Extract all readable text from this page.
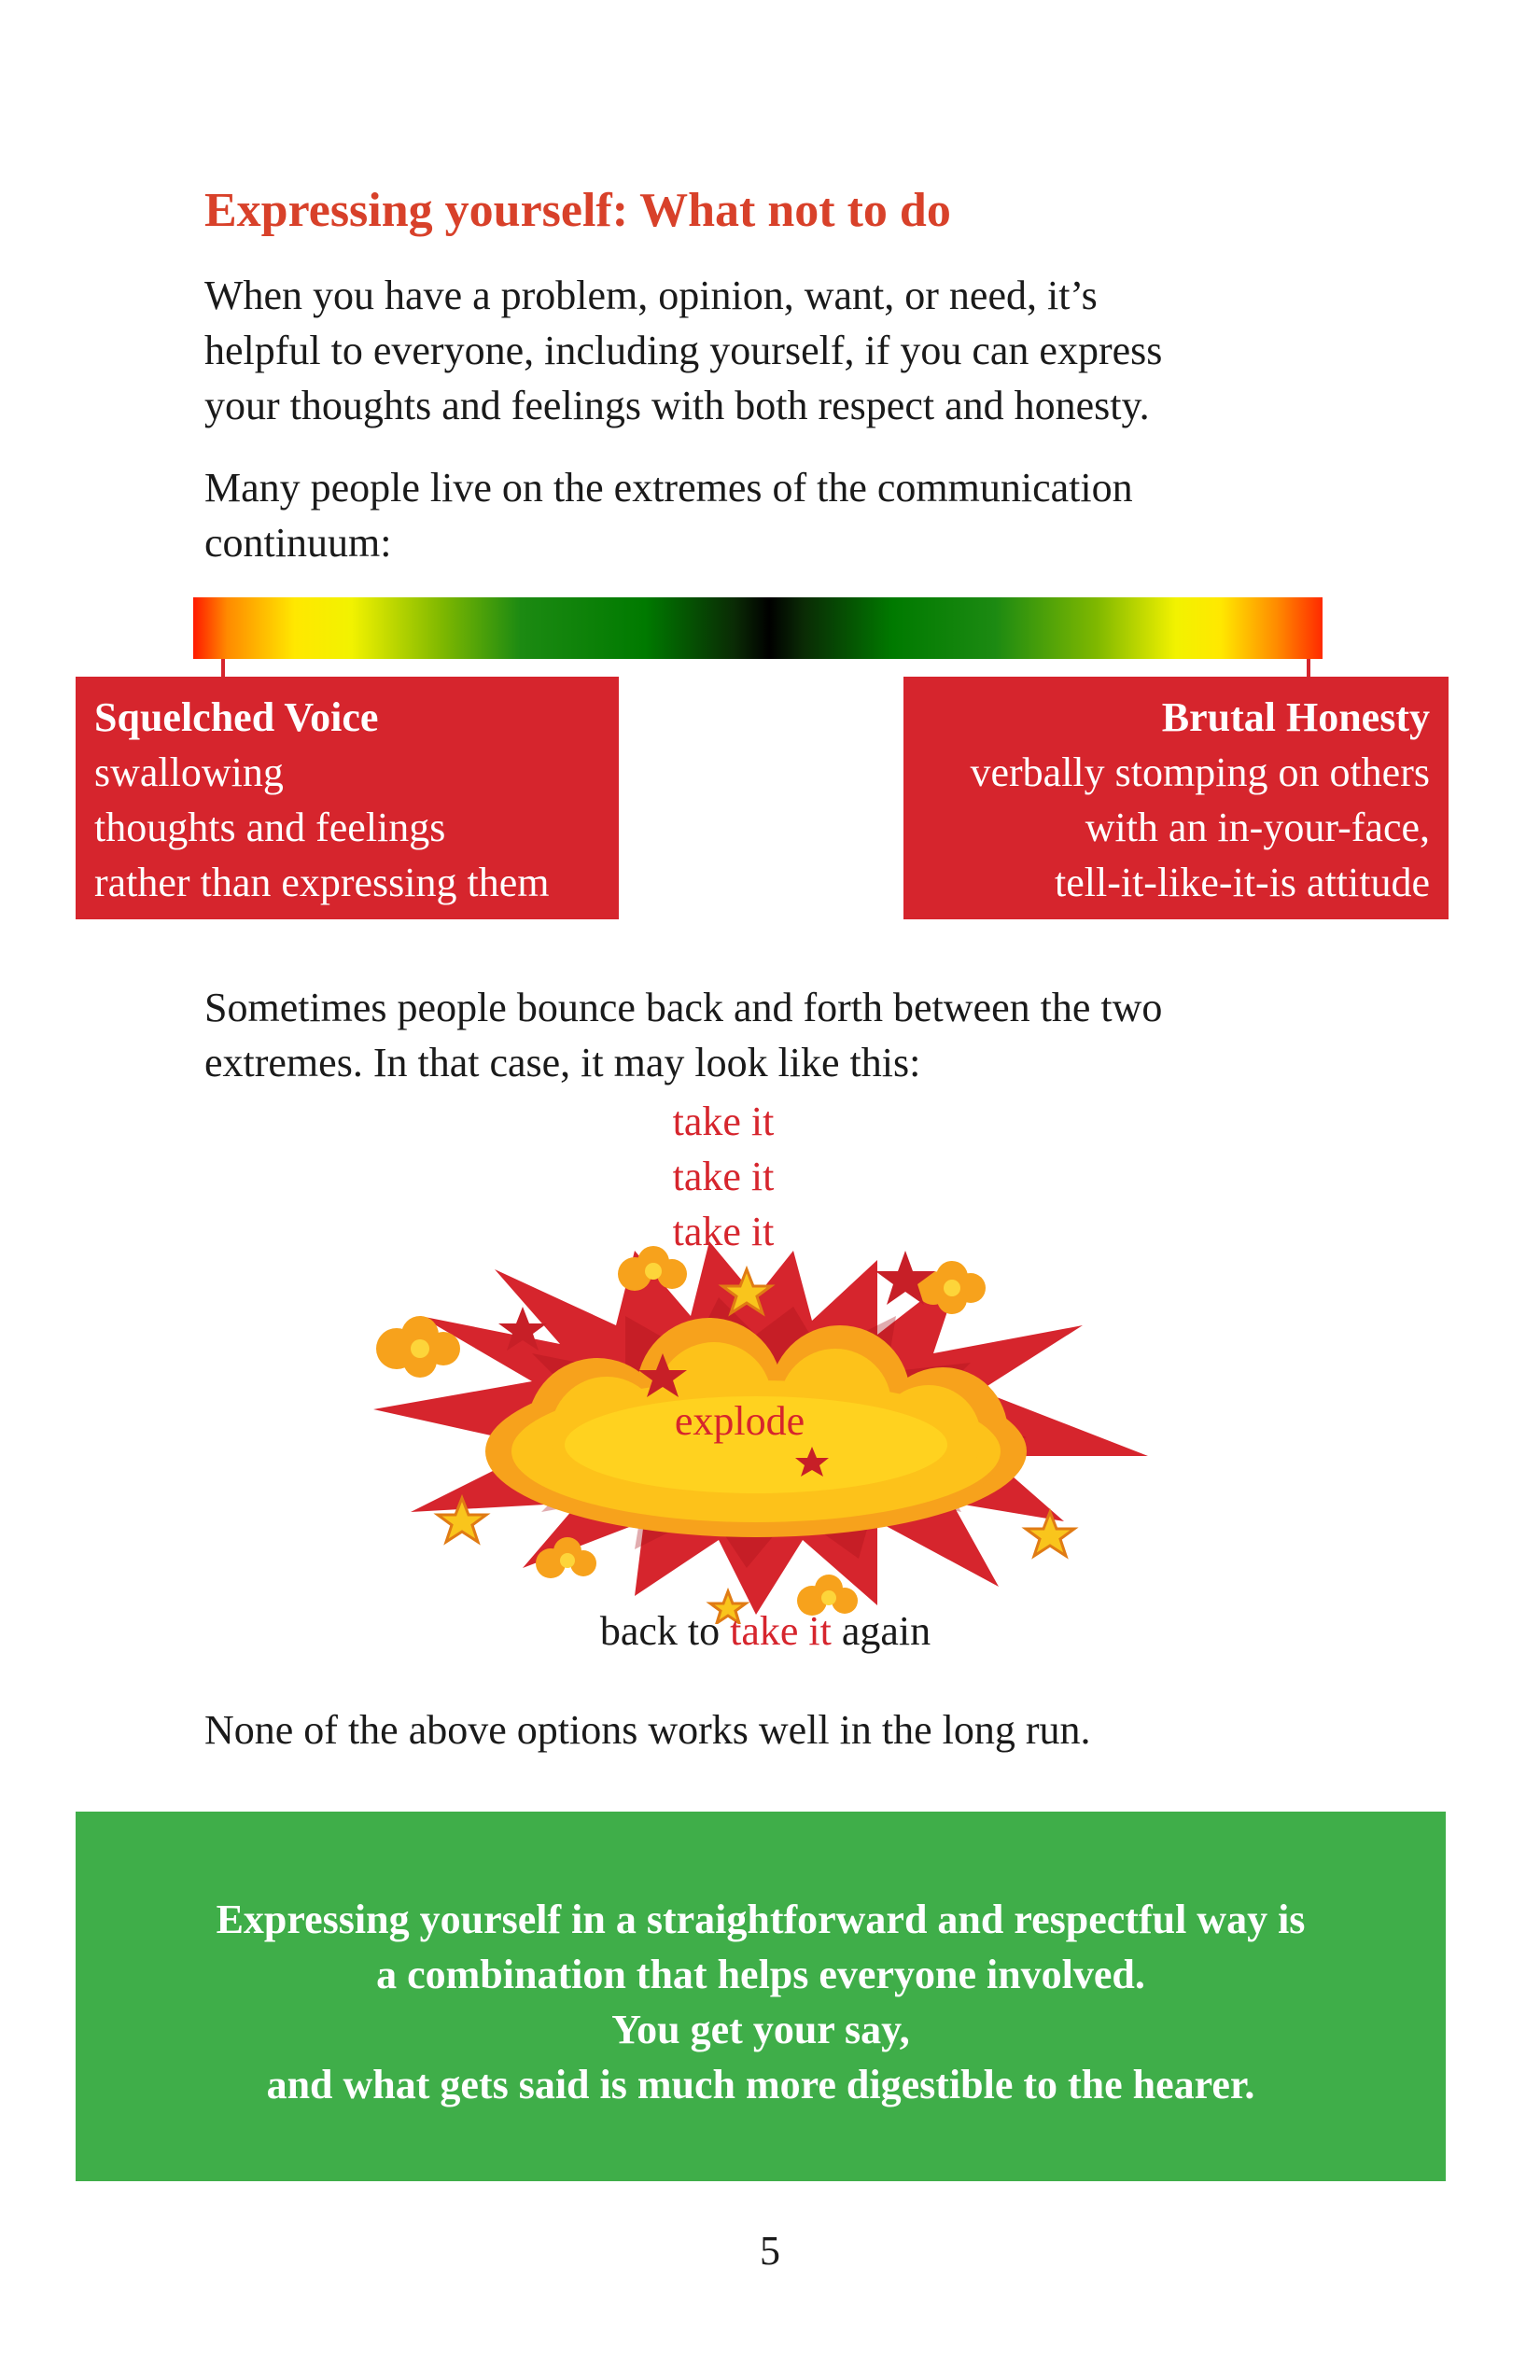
Expressing yourself: What not to do
When you have a problem, opinion, want, or need, it’s
helpful to everyone, including yourself, if you can express
your thoughts and feelings with both respect and honesty.
Many people live on the extremes of the communication
continuum:
Squelched Voice
swallowing
thoughts and feelings
rather than expressing them
Brutal Honesty
verbally stomping on others
with an in-your-face,
tell-it-like-it-is attitude
Sometimes people bounce back and forth between the two
extremes. In that case, it may look like this:
take it
take it
take it
explode
back to take it again
None of the above options works well in the long run.
Expressing yourself in a straightforward and respectful way is
a combination that helps everyone involved.
You get your say,
and what gets said is much more digestible to the hearer.
5
